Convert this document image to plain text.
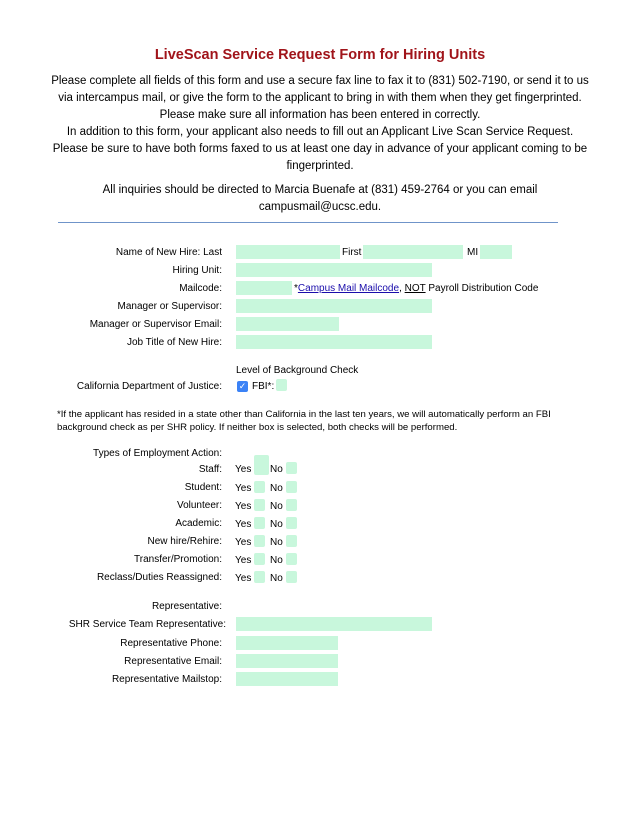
LiveScan Service Request Form for Hiring Units

Please complete all fields of this form and use a secure fax line to fax it to (831) 502-7190, or send it to us via intercampus mail, or give the form to the applicant to bring in with them when they get fingerprinted. Please make sure all information has been entered in correctly.

In addition to this form, your applicant also needs to fill out an Applicant Live Scan Service Request.

Please be sure to have both forms faxed to us at least one day in advance of your applicant coming to be fingerprinted.

All inquiries should be directed to Marcia Buenafe at (831) 459-2764 or you can email campusmail@ucsc.edu.

Name of New Hire: Last	First	MI
Hiring Unit:
Mailcode:	*Campus Mail Mailcode, NOT Payroll Distribution Code
Manager or Supervisor:
Manager or Supervisor Email:
Job Title of New Hire:
Level of Background Check
California Department of Justice: ✓ FBI*:

*If the applicant has resided in a state other than California in the last ten years, we will automatically perform an FBI background check as per SHR policy. If neither box is selected, both checks will be performed.

Types of Employment Action:
Staff: Yes No
Student: Yes No
Volunteer: Yes No
Academic: Yes No
New hire/Rehire: Yes No
Transfer/Promotion: Yes No
Reclass/Duties Reassigned: Yes No
Representative:
SHR Service Team Representative:
Representative Phone:
Representative Email:
Representative Mailstop:
